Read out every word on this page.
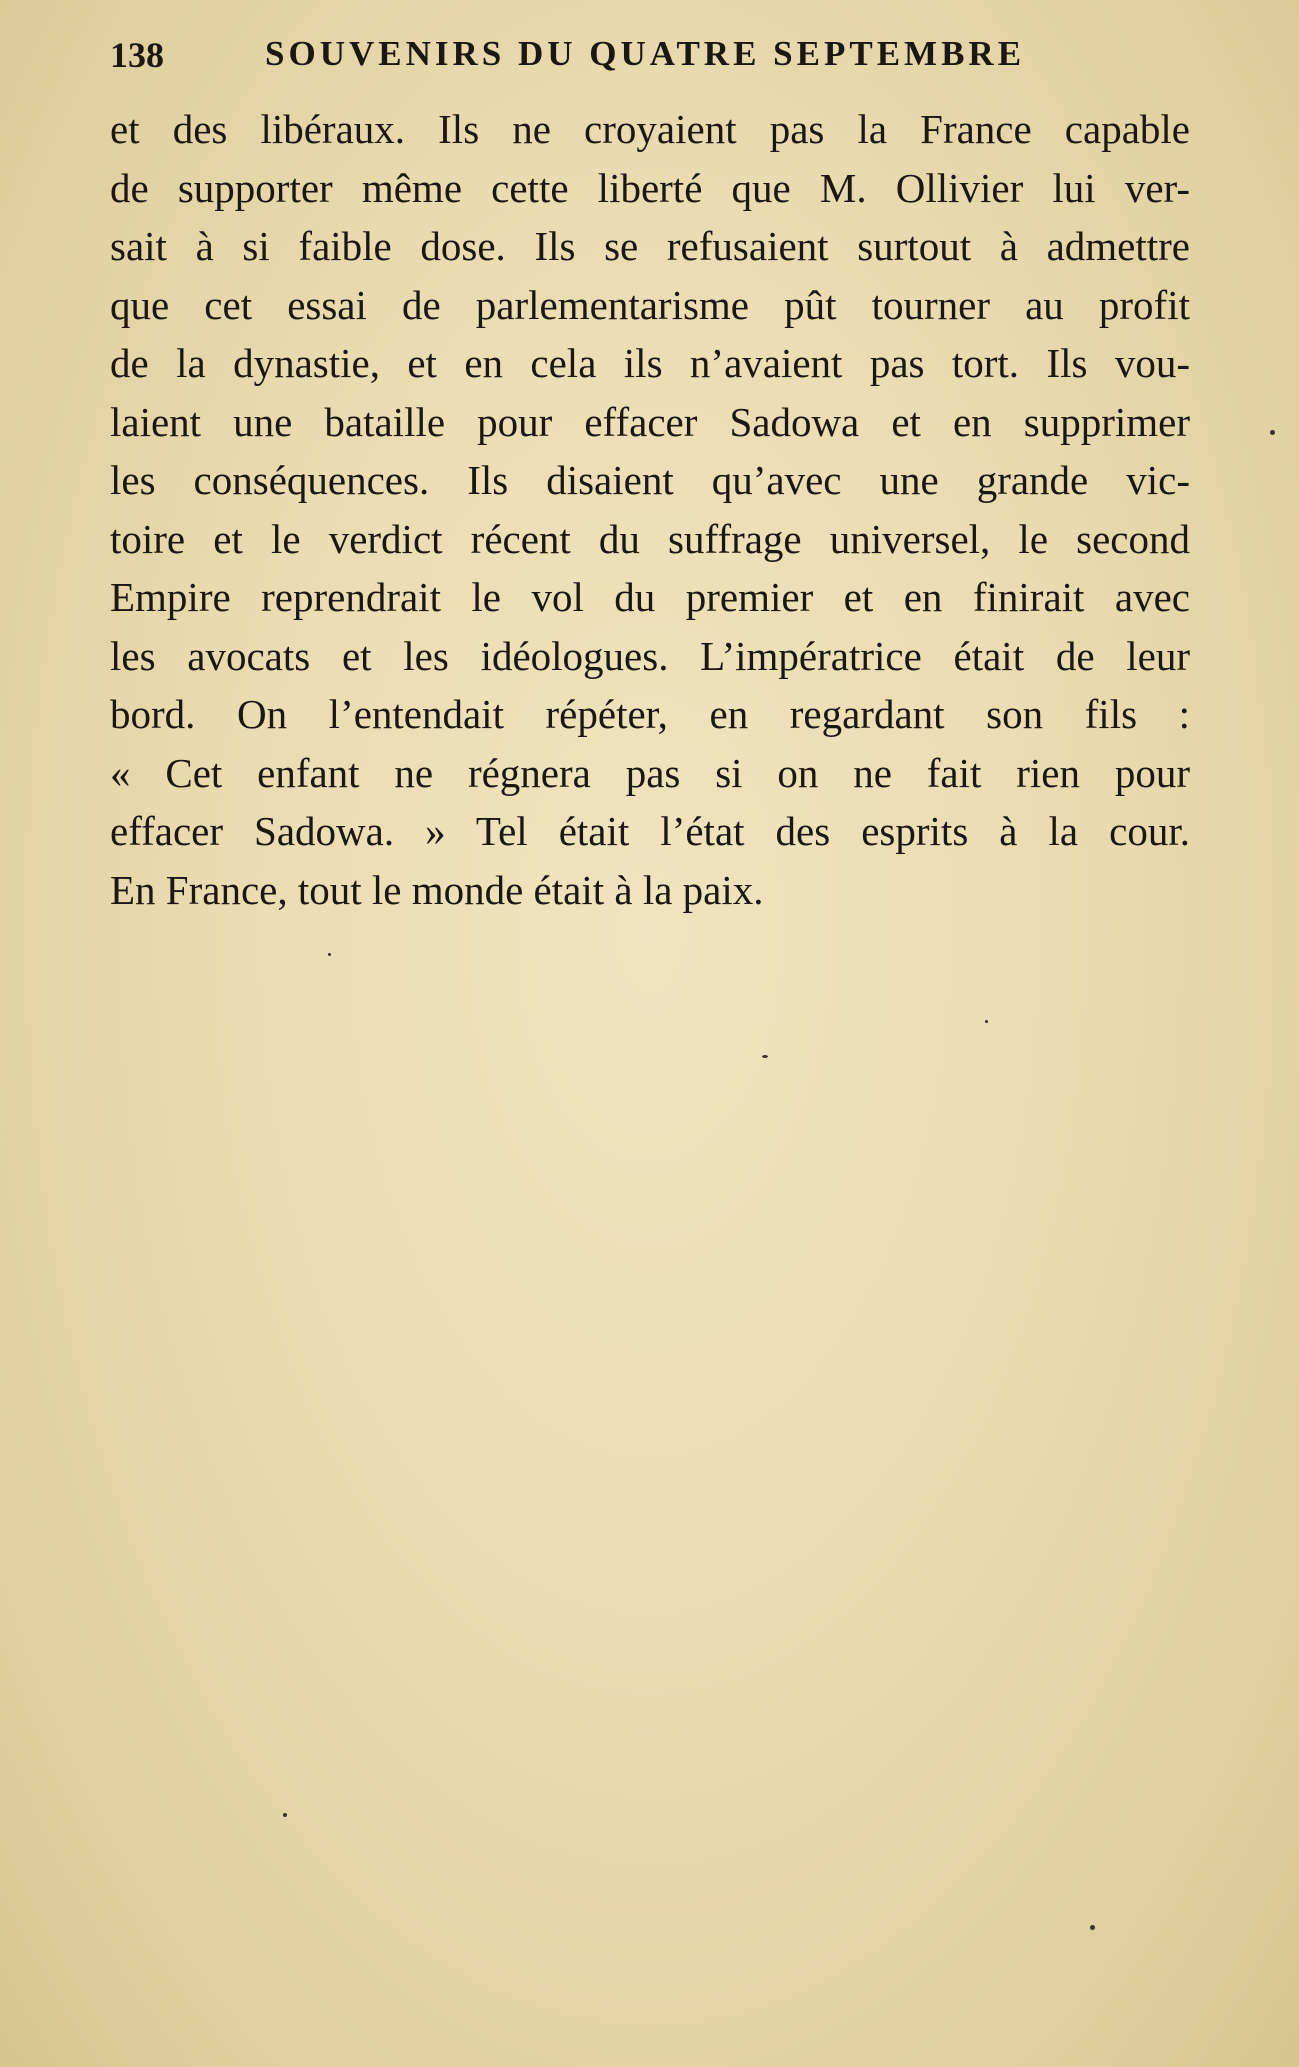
138	SOUVENIRS DU QUATRE SEPTEMBRE
et des libéraux. Ils ne croyaient pas la France capable
de supporter même cette liberté que M. Ollivier lui ver-
sait à si faible dose. Ils se refusaient surtout à admettre
que cet essai de parlementarisme pût tourner au profit
de la dynastie, et en cela ils n’avaient pas tort. Ils vou-
laient une bataille pour effacer Sadowa et en supprimer
les conséquences. Ils disaient qu’avec une grande vic-
toire et le verdict récent du suffrage universel, le second
Empire reprendrait le vol du premier et en finirait avec
les avocats et les idéologues. L’impératrice était de leur
bord. On l’entendait répéter, en regardant son fils :
« Cet enfant ne régnera pas si on ne fait rien pour
effacer Sadowa. » Tel était l’état des esprits à la cour.
En France, tout le monde était à la paix.
